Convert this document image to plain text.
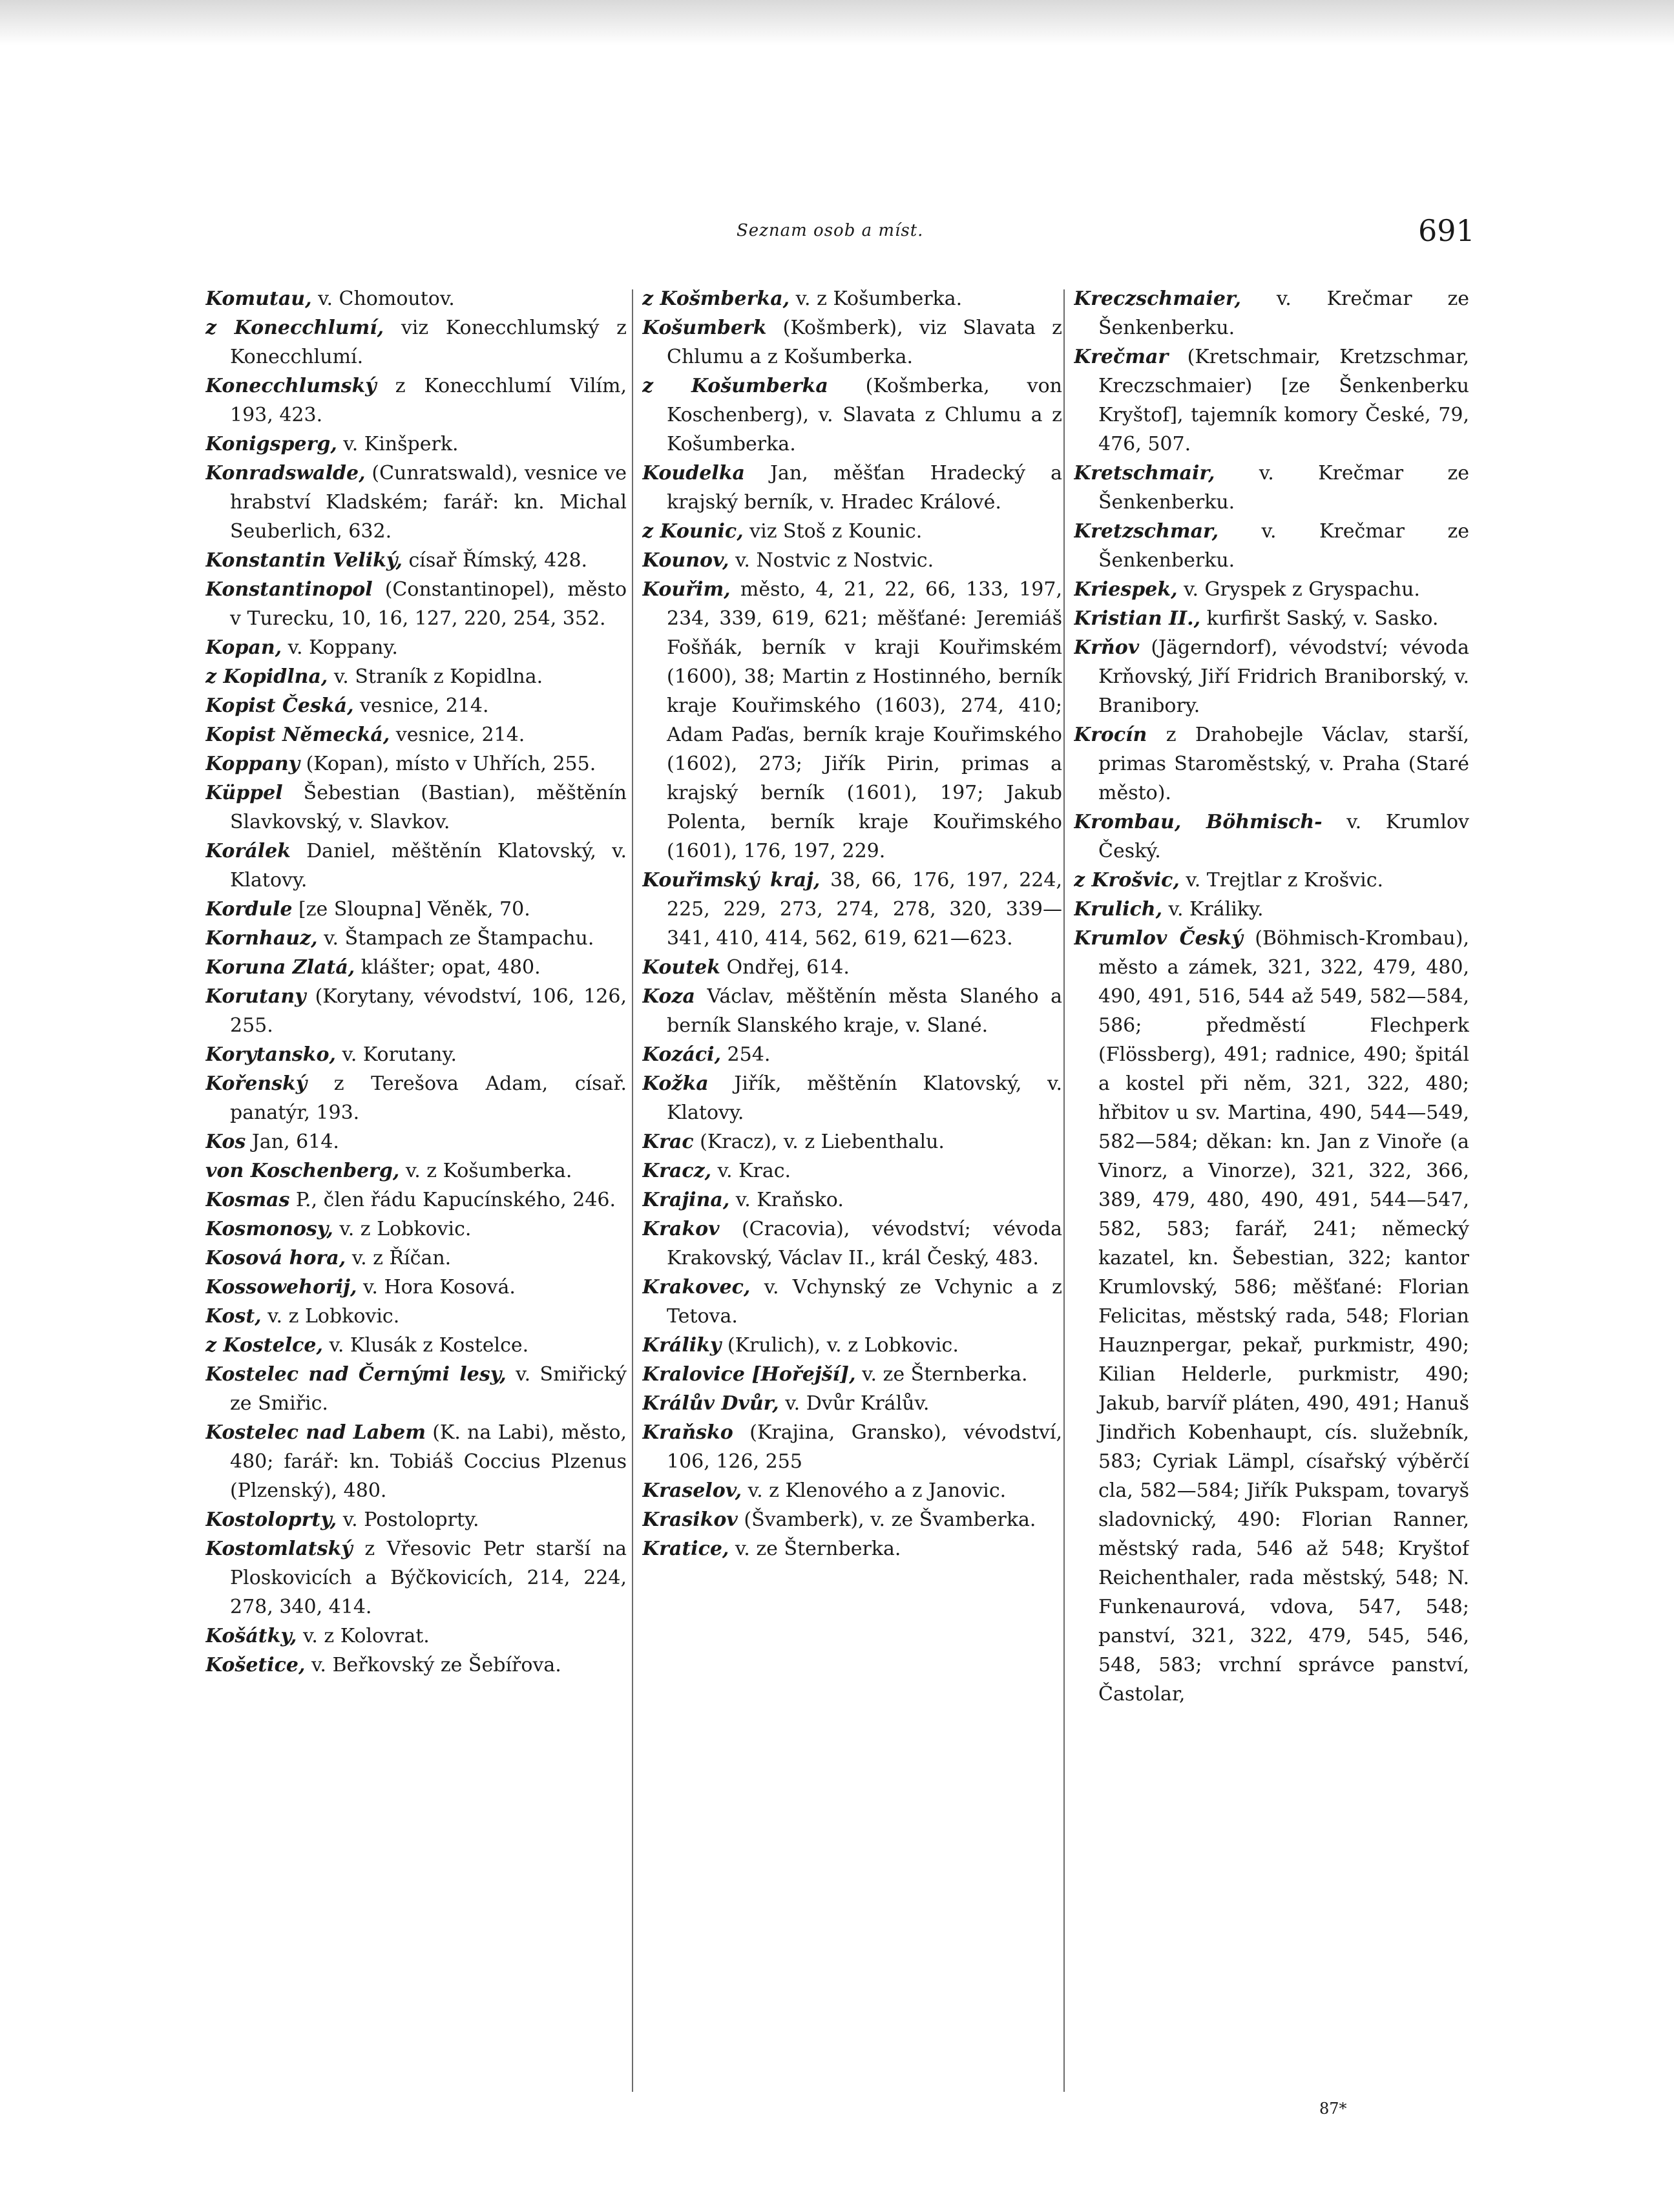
Seznam osob a míst.	691

Komutau, v. Chomoutov.

z Konecchlumí, viz Konecchlumský z Konecchlumí.

Konecchlumský z Konecchlumí Vilím, 193, 423.

Konigsperg, v. Kinšperk.

Konradswalde, (Cunratswald), vesnice ve hrabství Kladském; farář: kn. Michal Seuberlich, 632.

Konstantin Veliký, císař Římský, 428.

Konstantinopol (Constantinopel), město v Turecku, 10, 16, 127, 220, 254, 352.

Kopan, v. Koppany.

z Kopidlna, v. Straník z Kopidlna.

Kopist Česká, vesnice, 214.

Kopist Německá, vesnice, 214.

Koppany (Kopan), místo v Uhřích, 255.

Küppel Šebestian (Bastian), měštěnín Slavkovský, v. Slavkov.

Korálek Daniel, měštěnín Klatovský, v. Klatovy.

Kordule [ze Sloupna] Věněk, 70.

Kornhauz, v. Štampach ze Štampachu.

Koruna Zlatá, klášter; opat, 480.

Korutany (Korytany, vévodství, 106, 126, 255.

Korytansko, v. Korutany.

Kořenský z Terešova Adam, císař. panatýr, 193.

Kos Jan, 614.

von Koschenberg, v. z Košumberka.

Kosmas P., člen řádu Kapucínského, 246.

Kosmonosy, v. z Lobkovic.

Kosová hora, v. z Říčan.

Kossowehorij, v. Hora Kosová.

Kost, v. z Lobkovic.

z Kostelce, v. Klusák z Kostelce.

Kostelec nad Černými lesy, v. Smiřický ze Smiřic.

Kostelec nad Labem (K. na Labi), město, 480; farář: kn. Tobiáš Coccius Plzenus (Plzenský), 480.

Kostoloprty, v. Postoloprty.

Kostomlatský z Vřesovic Petr starší na Ploskovicích a Býčkovicích, 214, 224, 278, 340, 414.

Košátky, v. z Kolovrat.

Košetice, v. Beřkovský ze Šebířova.

z Košmberka, v. z Košumberka.

Košumberk (Košmberk), viz Slavata z Chlumu a z Košumberka.

z Košumberka (Košmberka, von Koschenberg), v. Slavata z Chlumu a z Košumberka.

Koudelka Jan, měšťan Hradecký a krajský berník, v. Hradec Králové.

z Kounic, viz Stoš z Kounic.

Kounov, v. Nostvic z Nostvic.

Kouřim, město, 4, 21, 22, 66, 133, 197, 234, 339, 619, 621; měšťané: Jeremiáš Fošňák, berník v kraji Kouřimském (1600), 38; Martin z Hostinného, berník kraje Kouřimského (1603), 274, 410; Adam Paďas, berník kraje Kouřimského (1602), 273; Jiřík Pirin, primas a krajský berník (1601), 197; Jakub Polenta, berník kraje Kouřimského (1601), 176, 197, 229.

Kouřimský kraj, 38, 66, 176, 197, 224, 225, 229, 273, 274, 278, 320, 339—341, 410, 414, 562, 619, 621—623.

Koutek Ondřej, 614.

Koza Václav, měštěnín města Slaného a berník Slanského kraje, v. Slané.

Kozáci, 254.

Kožka Jiřík, měštěnín Klatovský, v. Klatovy.

Krac (Kracz), v. z Liebenthalu.

Kracz, v. Krac.

Krajina, v. Kraňsko.

Krakov (Cracovia), vévodství; vévoda Krakovský, Václav II., král Český, 483.

Krakovec, v. Vchynský ze Vchynic a z Tetova.

Králiky (Krulich), v. z Lobkovic.

Kralovice [Hořejší], v. ze Šternberka.

Králův Dvůr, v. Dvůr Králův.

Kraňsko (Krajina, Gransko), vévodství, 106, 126, 255

Kraselov, v. z Klenového a z Janovic.

Krasikov (Švamberk), v. ze Švamberka.

Kratice, v. ze Šternberka.

Kreczschmaier, v. Krečmar ze Šenkenberku.

Krečmar (Kretschmair, Kretzschmar, Kreczschmaier) [ze Šenkenberku Kryštof], tajemník komory České, 79, 476, 507.

Kretschmair, v. Krečmar ze Šenkenberku.

Kretzschmar, v. Krečmar ze Šenkenberku.

Kriespek, v. Gryspek z Gryspachu.

Kristian II., kurfiršt Saský, v. Sasko.

Krňov (Jägerndorf), vévodství; vévoda Krňovský, Jiří Fridrich Braniborský, v. Branibory.

Krocín z Drahobejle Václav, starší, primas Staroměstský, v. Praha (Staré město).

Krombau, Böhmisch- v. Krumlov Český.

z Krošvic, v. Trejtlar z Krošvic.

Krulich, v. Králiky.

Krumlov Český (Böhmisch-Krombau), město a zámek, 321, 322, 479, 480, 490, 491, 516, 544 až 549, 582—584, 586; předměstí Flechperk (Flössberg), 491; radnice, 490; špitál a kostel při něm, 321, 322, 480; hřbitov u sv. Martina, 490, 544—549, 582—584; děkan: kn. Jan z Vinoře (a Vinorz, a Vinorze), 321, 322, 366, 389, 479, 480, 490, 491, 544—547, 582, 583; farář, 241; německý kazatel, kn. Šebestian, 322; kantor Krumlovský, 586; měšťané: Florian Felicitas, městský rada, 548; Florian Hauznpergar, pekař, purkmistr, 490; Kilian Helderle, purkmistr, 490; Jakub, barvíř pláten, 490, 491; Hanuš Jindřich Kobenhaupt, cís. služebník, 583; Cyriak Lämpl, císařský výběrčí cla, 582—584; Jiřík Pukspam, tovaryš sladovnický, 490: Florian Ranner, městský rada, 546 až 548; Kryštof Reichenthaler, rada městský, 548; N. Funkenaurová, vdova, 547, 548; panství, 321, 322, 479, 545, 546, 548, 583; vrchní správce panství, Častolar,

87*
